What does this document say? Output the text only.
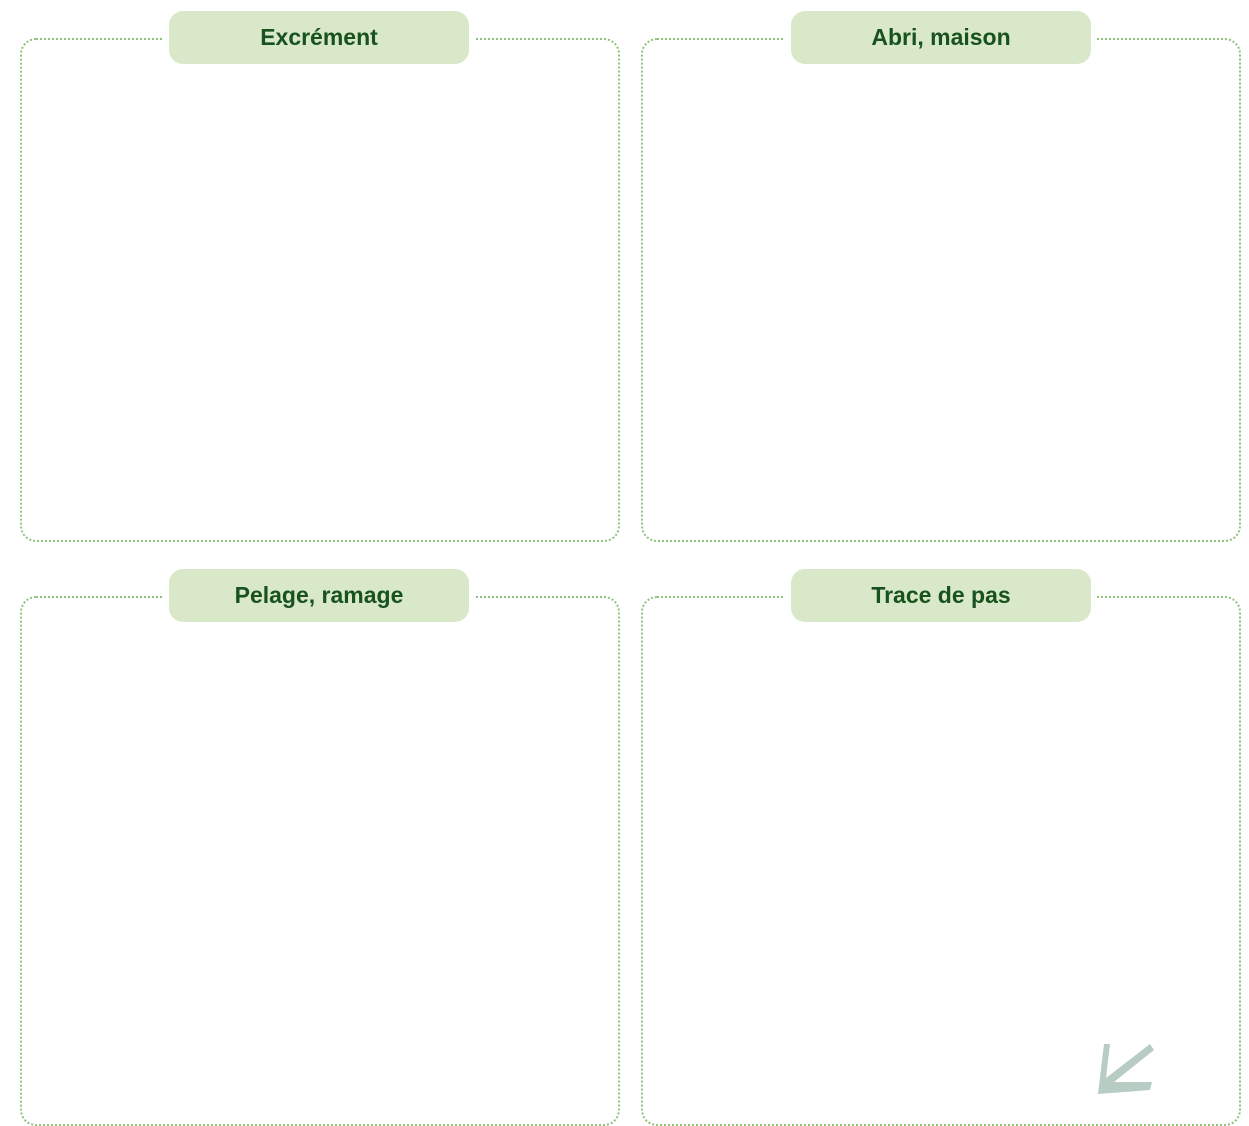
Excrément	Abri, maison
Pelage, ramage	Trace de pas
